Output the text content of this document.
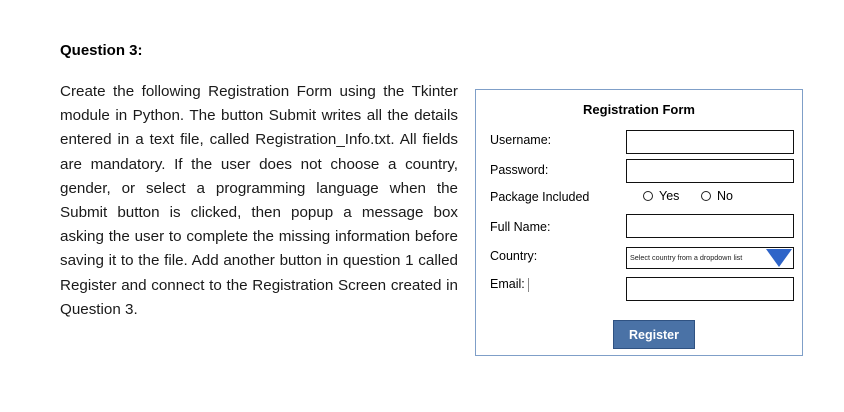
Question 3:

Create the following Registration Form using the Tkinter module in Python. The button Submit writes all the details entered in a text file, called Registration_Info.txt. All fields are mandatory. If the user does not choose a country, gender, or select a programming language when the Submit button is clicked, then popup a message box asking the user to complete the missing information before saving it to the file. Add another button in question 1 called Register and connect to the Registration Screen created in Question 3.

Registration Form
Username:
Password:
Package Included	Yes	No
Full Name:
Country:	Select country from a dropdown list
Email:
Register
